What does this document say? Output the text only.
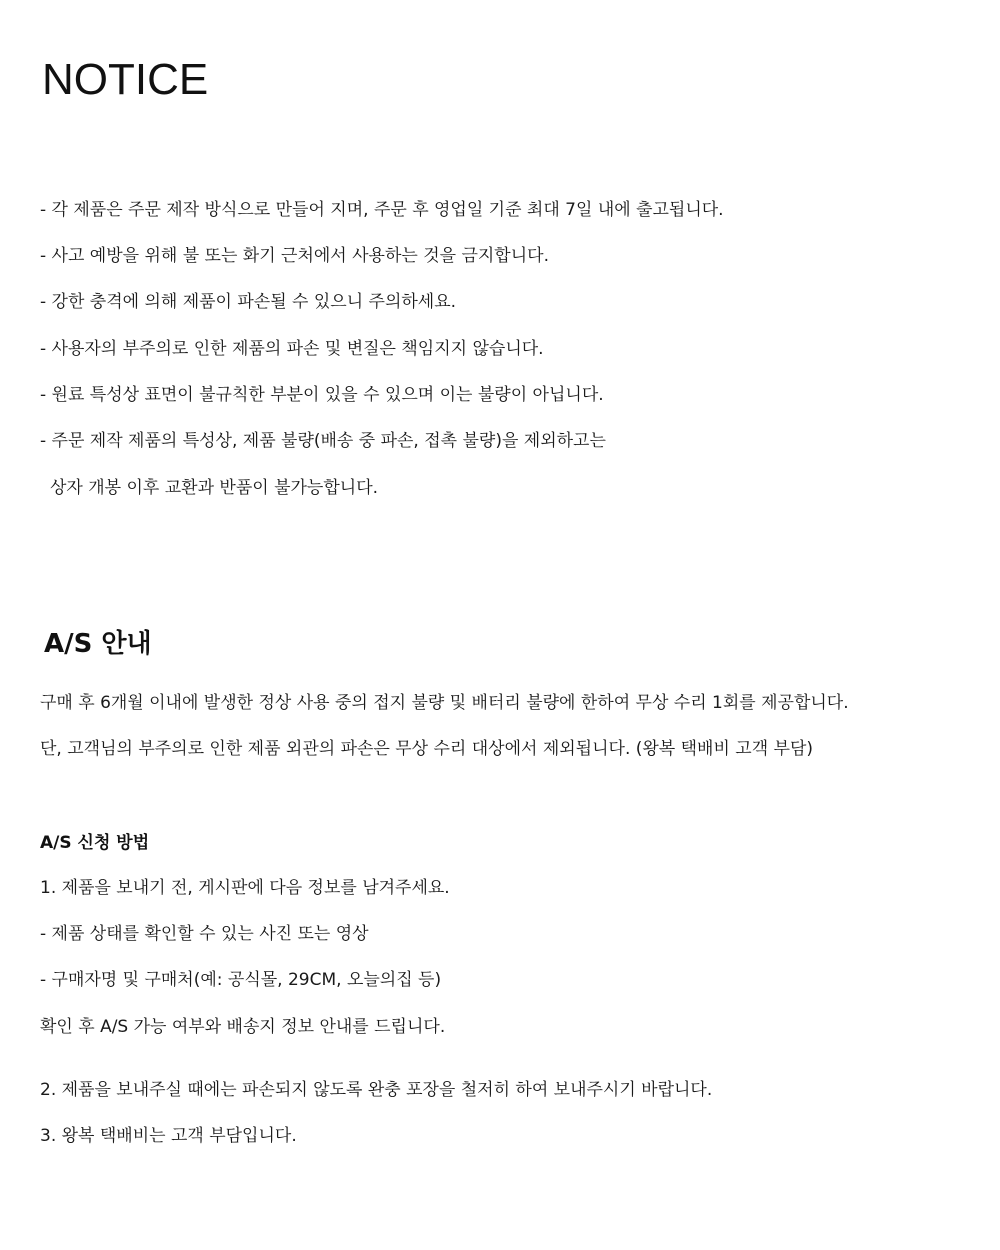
NOTICE

- 각 제품은 주문 제작 방식으로 만들어 지며, 주문 후 영업일 기준 최대 7일 내에 출고됩니다.

- 사고 예방을 위해 불 또는 화기 근처에서 사용하는 것을 금지합니다.

- 강한 충격에 의해 제품이 파손될 수 있으니 주의하세요.

- 사용자의 부주의로 인한 제품의 파손 및 변질은 책임지지 않습니다.

- 원료 특성상 표면이 불규칙한 부분이 있을 수 있으며 이는 불량이 아닙니다.

- 주문 제작 제품의 특성상, 제품 불량(배송 중 파손, 접촉 불량)을 제외하고는

상자 개봉 이후 교환과 반품이 불가능합니다.

A/S 안내

구매 후 6개월 이내에 발생한 정상 사용 중의 접지 불량 및 배터리 불량에 한하여 무상 수리 1회를 제공합니다.

단, 고객님의 부주의로 인한 제품 외관의 파손은 무상 수리 대상에서 제외됩니다. (왕복 택배비 고객 부담)

A/S 신청 방법

1. 제품을 보내기 전, 게시판에 다음 정보를 남겨주세요.

- 제품 상태를 확인할 수 있는 사진 또는 영상

- 구매자명 및 구매처(예: 공식몰, 29CM, 오늘의집 등)

확인 후 A/S 가능 여부와 배송지 정보 안내를 드립니다.

2. 제품을 보내주실 때에는 파손되지 않도록 완충 포장을 철저히 하여 보내주시기 바랍니다.

3. 왕복 택배비는 고객 부담입니다.
